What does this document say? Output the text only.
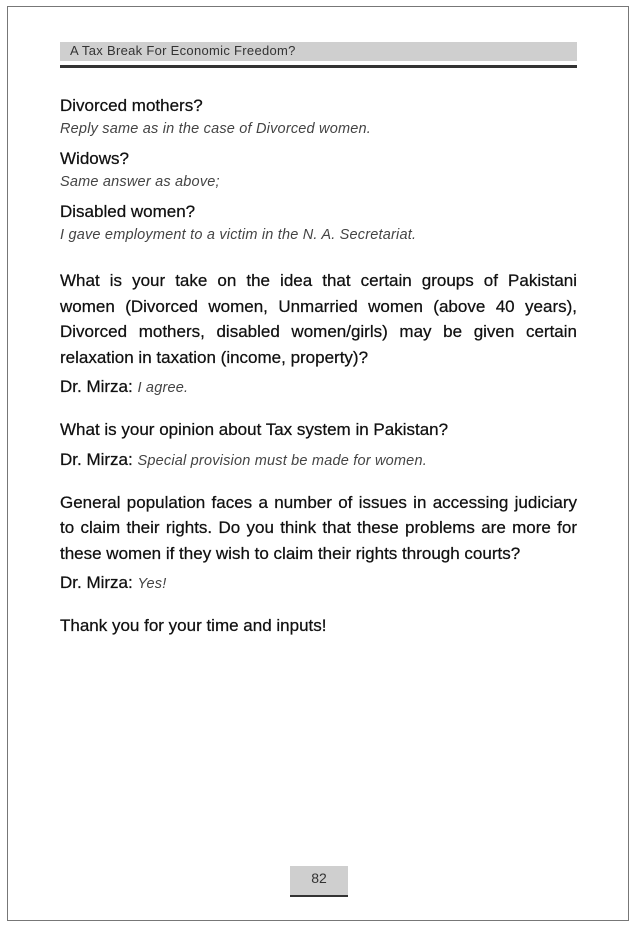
A Tax Break For Economic Freedom?

Divorced mothers?

Reply same as in the case of Divorced women.

Widows?

Same answer as above;

Disabled women?

I gave employment to a victim in the N. A. Secretariat.

What is your take on the idea that certain groups of Pakistani women (Divorced women, Unmarried women (above 40 years), Divorced mothers, disabled women/girls) may be given certain relaxation in taxation (income, property)?

Dr. Mirza: I agree.

What is your opinion about Tax system in Pakistan?

Dr. Mirza: Special provision must be made for women.

General population faces a number of issues in accessing judiciary to claim their rights. Do you think that these problems are more for these women if they wish to claim their rights through courts?

Dr. Mirza: Yes!

Thank you for your time and inputs!

82
